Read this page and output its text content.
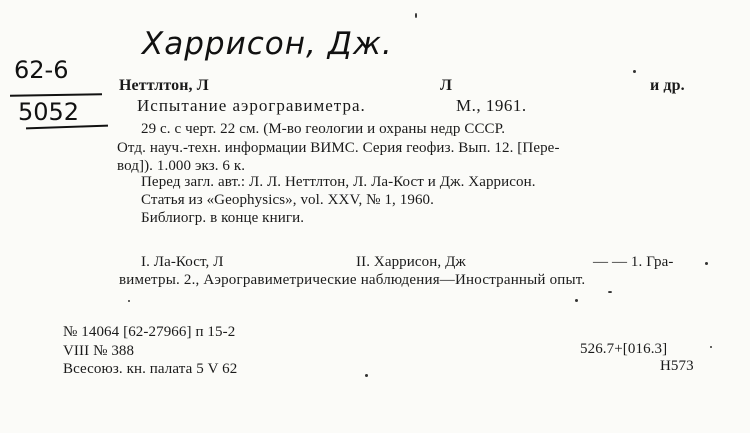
Харрисон, Дж.
62-6
5052
Неттлтон, Л	Л	и др.
Испытание аэрогравиметра.	М., 1961.
29 с. с черт. 22 см. (М-во геологии и охраны недр СССР.
Отд. науч.-техн. информации ВИМС. Серия геофиз. Вып. 12. [Пере-
вод]). 1.000 экз. 6 к.
Перед загл. авт.: Л. Л. Неттлтон, Л. Ла-Кост и Дж. Харрисон.
Статья из «Geophysics», vol. XXV, № 1, 1960.
Библиогр. в конце книги.
I. Ла-Кост, Л	II. Харрисон, Дж	— — 1. Гра-
виметры. 2., Аэрогравиметрические наблюдения—Иностранный опыт.
№ 14064 [62-27966] п 15-2
VIII № 388
Всесоюз. кн. палата 5 V 62
526.7+[016.3]
Н573
